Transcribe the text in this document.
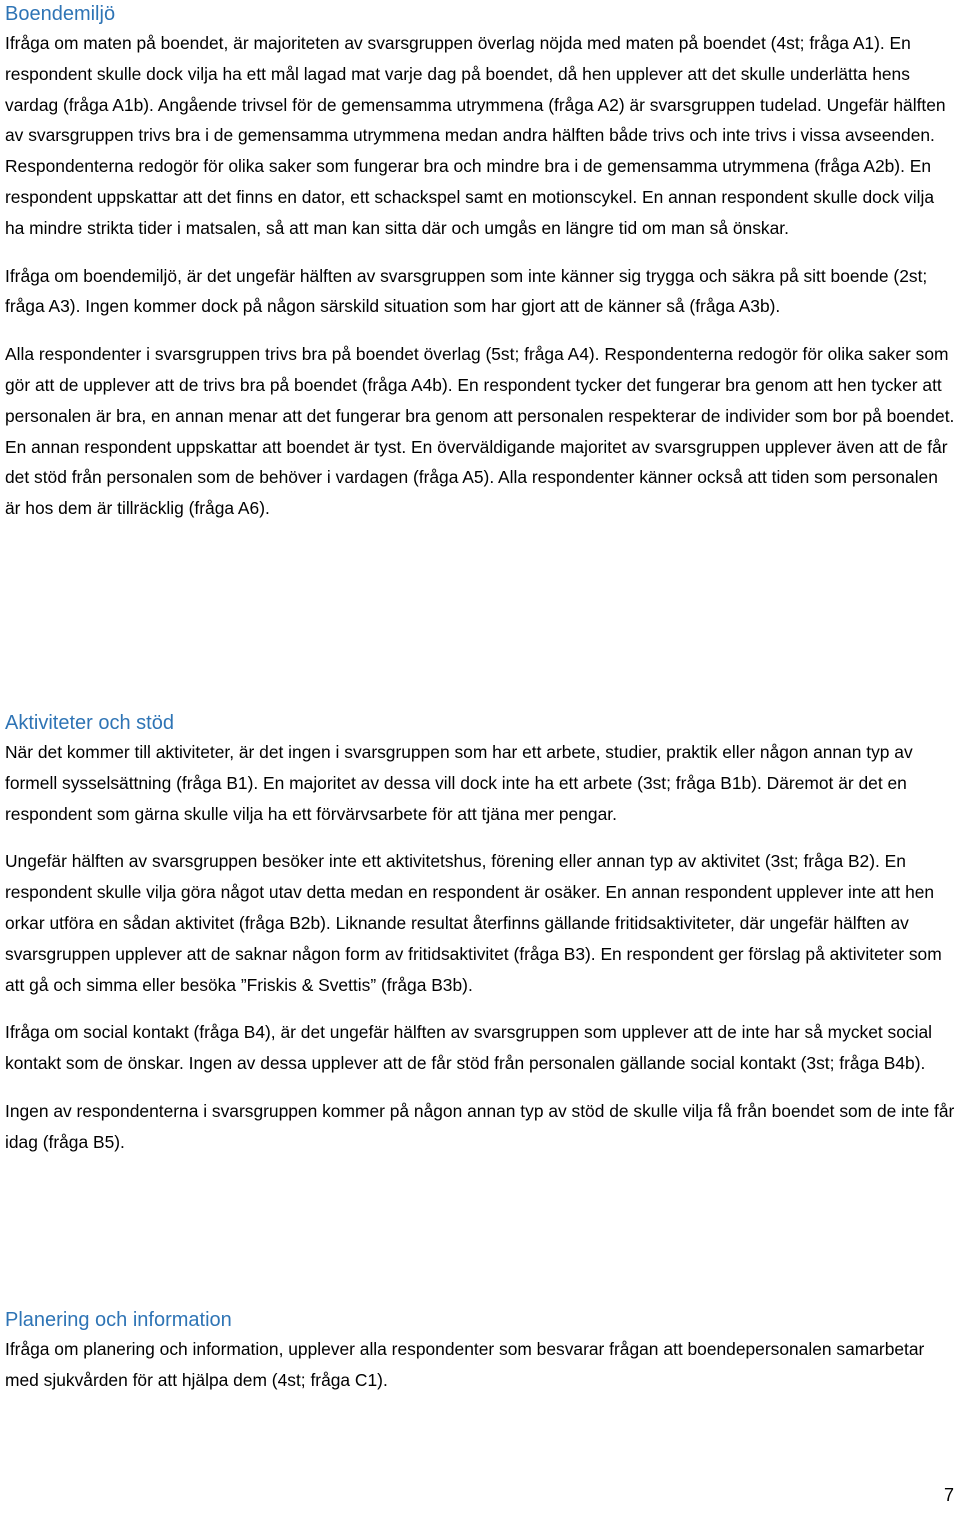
Boendemiljö

Ifråga om maten på boendet, är majoriteten av svarsgruppen överlag nöjda med maten på boendet (4st; fråga A1). En respondent skulle dock vilja ha ett mål lagad mat varje dag på boendet, då hen upplever att det skulle underlätta hens vardag (fråga A1b). Angående trivsel för de gemensamma utrymmena (fråga A2) är svarsgruppen tudelad. Ungefär hälften av svarsgruppen trivs bra i de gemensamma utrymmena medan andra hälften både trivs och inte trivs i vissa avseenden. Respondenterna redogör för olika saker som fungerar bra och mindre bra i de gemensamma utrymmena (fråga A2b). En respondent uppskattar att det finns en dator, ett schackspel samt en motionscykel. En annan respondent skulle dock vilja ha mindre strikta tider i matsalen, så att man kan sitta där och umgås en längre tid om man så önskar.

Ifråga om boendemiljö, är det ungefär hälften av svarsgruppen som inte känner sig trygga och säkra på sitt boende (2st; fråga A3). Ingen kommer dock på någon särskild situation som har gjort att de känner så (fråga A3b).

Alla respondenter i svarsgruppen trivs bra på boendet överlag (5st; fråga A4). Respondenterna redogör för olika saker som gör att de upplever att de trivs bra på boendet (fråga A4b). En respondent tycker det fungerar bra genom att hen tycker att personalen är bra, en annan menar att det fungerar bra genom att personalen respekterar de individer som bor på boendet. En annan respondent uppskattar att boendet är tyst. En överväldigande majoritet av svarsgruppen upplever även att de får det stöd från personalen som de behöver i vardagen (fråga A5). Alla respondenter känner också att tiden som personalen är hos dem är tillräcklig (fråga A6).

Aktiviteter och stöd

När det kommer till aktiviteter, är det ingen i svarsgruppen som har ett arbete, studier, praktik eller någon annan typ av formell sysselsättning (fråga B1). En majoritet av dessa vill dock inte ha ett arbete (3st; fråga B1b). Däremot är det en respondent som gärna skulle vilja ha ett förvärvsarbete för att tjäna mer pengar.

Ungefär hälften av svarsgruppen besöker inte ett aktivitetshus, förening eller annan typ av aktivitet (3st; fråga B2). En respondent skulle vilja göra något utav detta medan en respondent är osäker. En annan respondent upplever inte att hen orkar utföra en sådan aktivitet (fråga B2b). Liknande resultat återfinns gällande fritidsaktiviteter, där ungefär hälften av svarsgruppen upplever att de saknar någon form av fritidsaktivitet (fråga B3). En respondent ger förslag på aktiviteter som att gå och simma eller besöka ”Friskis & Svettis” (fråga B3b).

Ifråga om social kontakt (fråga B4), är det ungefär hälften av svarsgruppen som upplever att de inte har så mycket social kontakt som de önskar. Ingen av dessa upplever att de får stöd från personalen gällande social kontakt (3st; fråga B4b).

Ingen av respondenterna i svarsgruppen kommer på någon annan typ av stöd de skulle vilja få från boendet som de inte får idag (fråga B5).

Planering och information

Ifråga om planering och information, upplever alla respondenter som besvarar frågan att boendepersonalen samarbetar med sjukvården för att hjälpa dem (4st; fråga C1).

7
